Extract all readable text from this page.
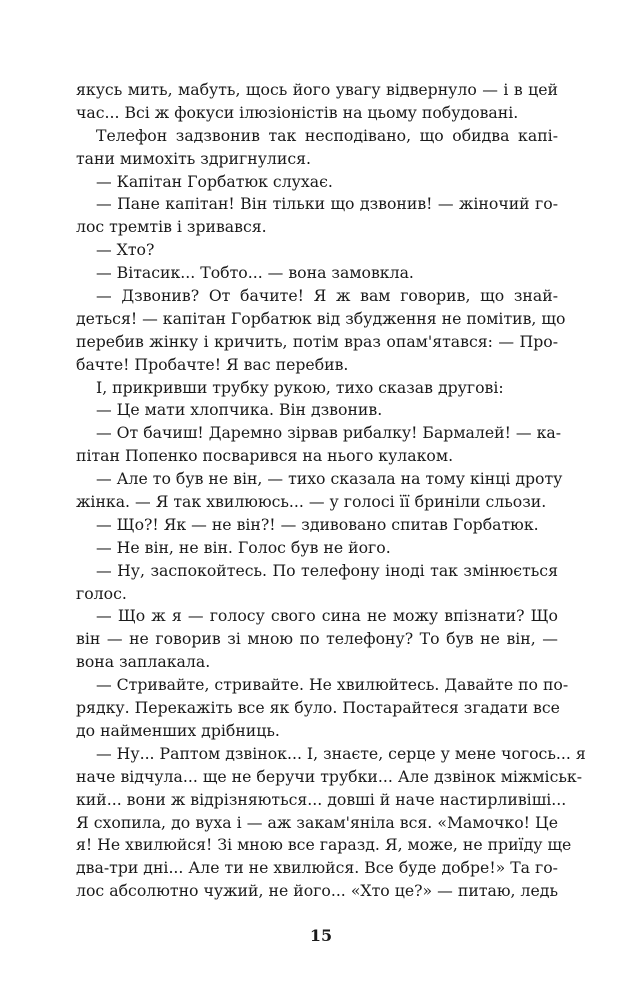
якусь мить, мабуть, щось його увагу відвернуло — і в цей
час... Всі ж фокуси ілюзіоністів на цьому побудовані.
Телефон задзвонив так несподівано, що обидва капі-
тани мимохіть здригнулися.
— Капітан Горбатюк слухає.
— Пане капітан! Він тільки що дзвонив! — жіночий го-
лос тремтів і зривався.
— Хто?
— Вітасик... Тобто... — вона замовкла.
— Дзвонив? От бачите! Я ж вам говорив, що знай-
деться! — капітан Горбатюк від збудження не помітив, що
перебив жінку і кричить, потім враз опам'ятався: — Про-
бачте! Пробачте! Я вас перебив.
І, прикривши трубку рукою, тихо сказав другові:
— Це мати хлопчика. Він дзвонив.
— От бачиш! Даремно зірвав рибалку! Бармалей! — ка-
пітан Попенко посварився на нього кулаком.
— Але то був не він, — тихо сказала на тому кінці дроту
жінка. — Я так хвилююсь... — у голосі її бриніли сльози.
— Що?! Як — не він?! — здивовано спитав Горбатюк.
— Не він, не він. Голос був не його.
— Ну, заспокойтесь. По телефону іноді так змінюється
голос.
— Що ж я — голосу свого сина не можу впізнати? Що
він — не говорив зі мною по телефону? То був не він, —
вона заплакала.
— Стривайте, стривайте. Не хвилюйтесь. Давайте по по-
рядку. Перекажіть все як було. Постарайтеся згадати все
до найменших дрібниць.
— Ну... Раптом дзвінок... І, знаєте, серце у мене чогось... я
наче відчула... ще не беручи трубки... Але дзвінок міжміськ-
кий... вони ж відрізняються... довші й наче настирливіші...
Я схопила, до вуха і — аж закам'яніла вся. «Мамочко! Це
я! Не хвилюйся! Зі мною все гаразд. Я, може, не приїду ще
два-три дні... Але ти не хвилюйся. Все буде добре!» Та го-
лос абсолютно чужий, не його... «Хто це?» — питаю, ледь
15
